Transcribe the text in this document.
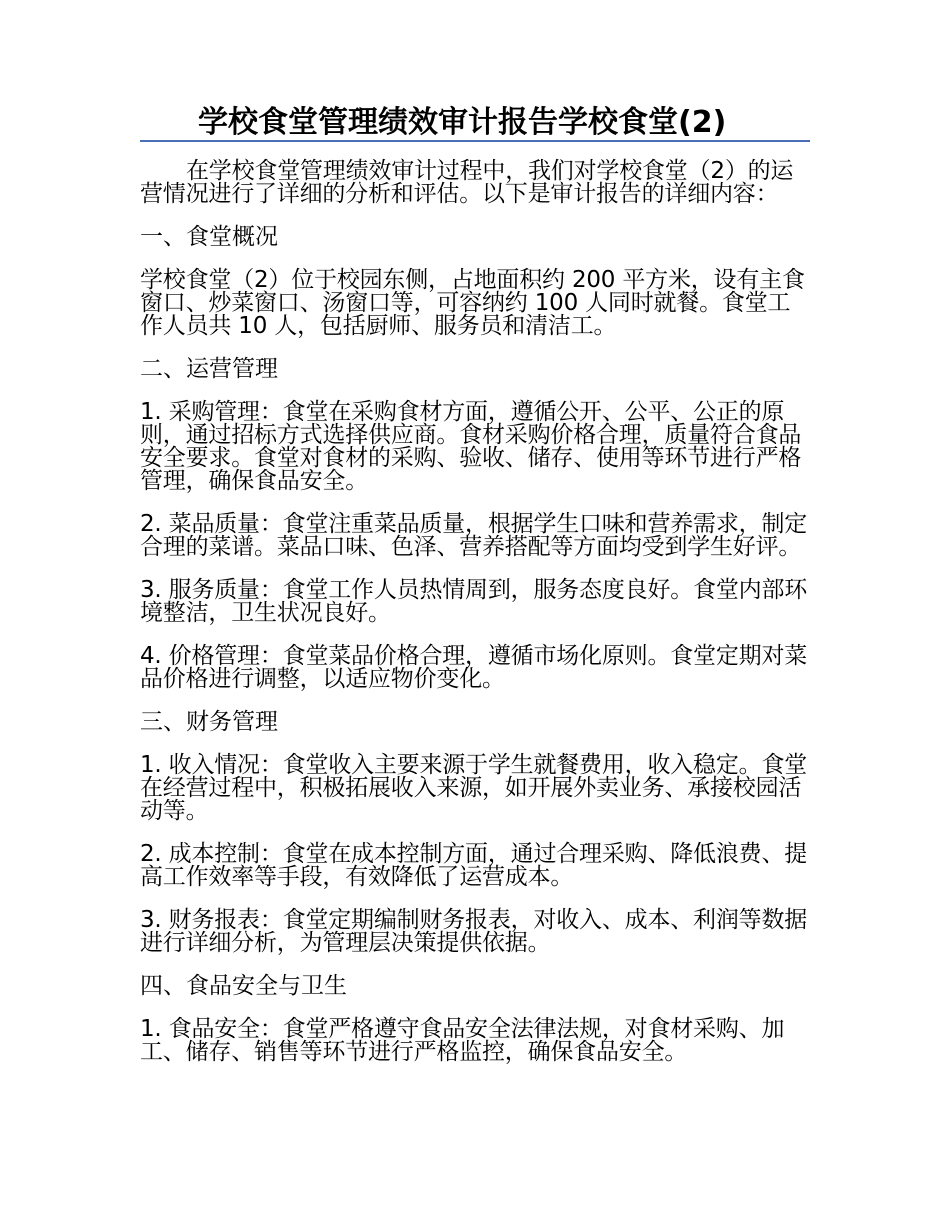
学校食堂管理绩效审计报告学校食堂(2)

在学校食堂管理绩效审计过程中，我们对学校食堂（2）的运营情况进行了详细的分析和评估。以下是审计报告的详细内容：

一、食堂概况

学校食堂（2）位于校园东侧，占地面积约 200 平方米，设有主食窗口、炒菜窗口、汤窗口等，可容纳约 100 人同时就餐。食堂工作人员共 10 人，包括厨师、服务员和清洁工。

二、运营管理

1. 采购管理：食堂在采购食材方面，遵循公开、公平、公正的原则，通过招标方式选择供应商。食材采购价格合理，质量符合食品安全要求。食堂对食材的采购、验收、储存、使用等环节进行严格管理，确保食品安全。

2. 菜品质量：食堂注重菜品质量，根据学生口味和营养需求，制定合理的菜谱。菜品口味、色泽、营养搭配等方面均受到学生好评。

3. 服务质量：食堂工作人员热情周到，服务态度良好。食堂内部环境整洁，卫生状况良好。

4. 价格管理：食堂菜品价格合理，遵循市场化原则。食堂定期对菜品价格进行调整，以适应物价变化。

三、财务管理

1. 收入情况：食堂收入主要来源于学生就餐费用，收入稳定。食堂在经营过程中，积极拓展收入来源，如开展外卖业务、承接校园活动等。

2. 成本控制：食堂在成本控制方面，通过合理采购、降低浪费、提高工作效率等手段，有效降低了运营成本。

3. 财务报表：食堂定期编制财务报表，对收入、成本、利润等数据进行详细分析，为管理层决策提供依据。

四、食品安全与卫生

1. 食品安全：食堂严格遵守食品安全法律法规，对食材采购、加工、储存、销售等环节进行严格监控，确保食品安全。
